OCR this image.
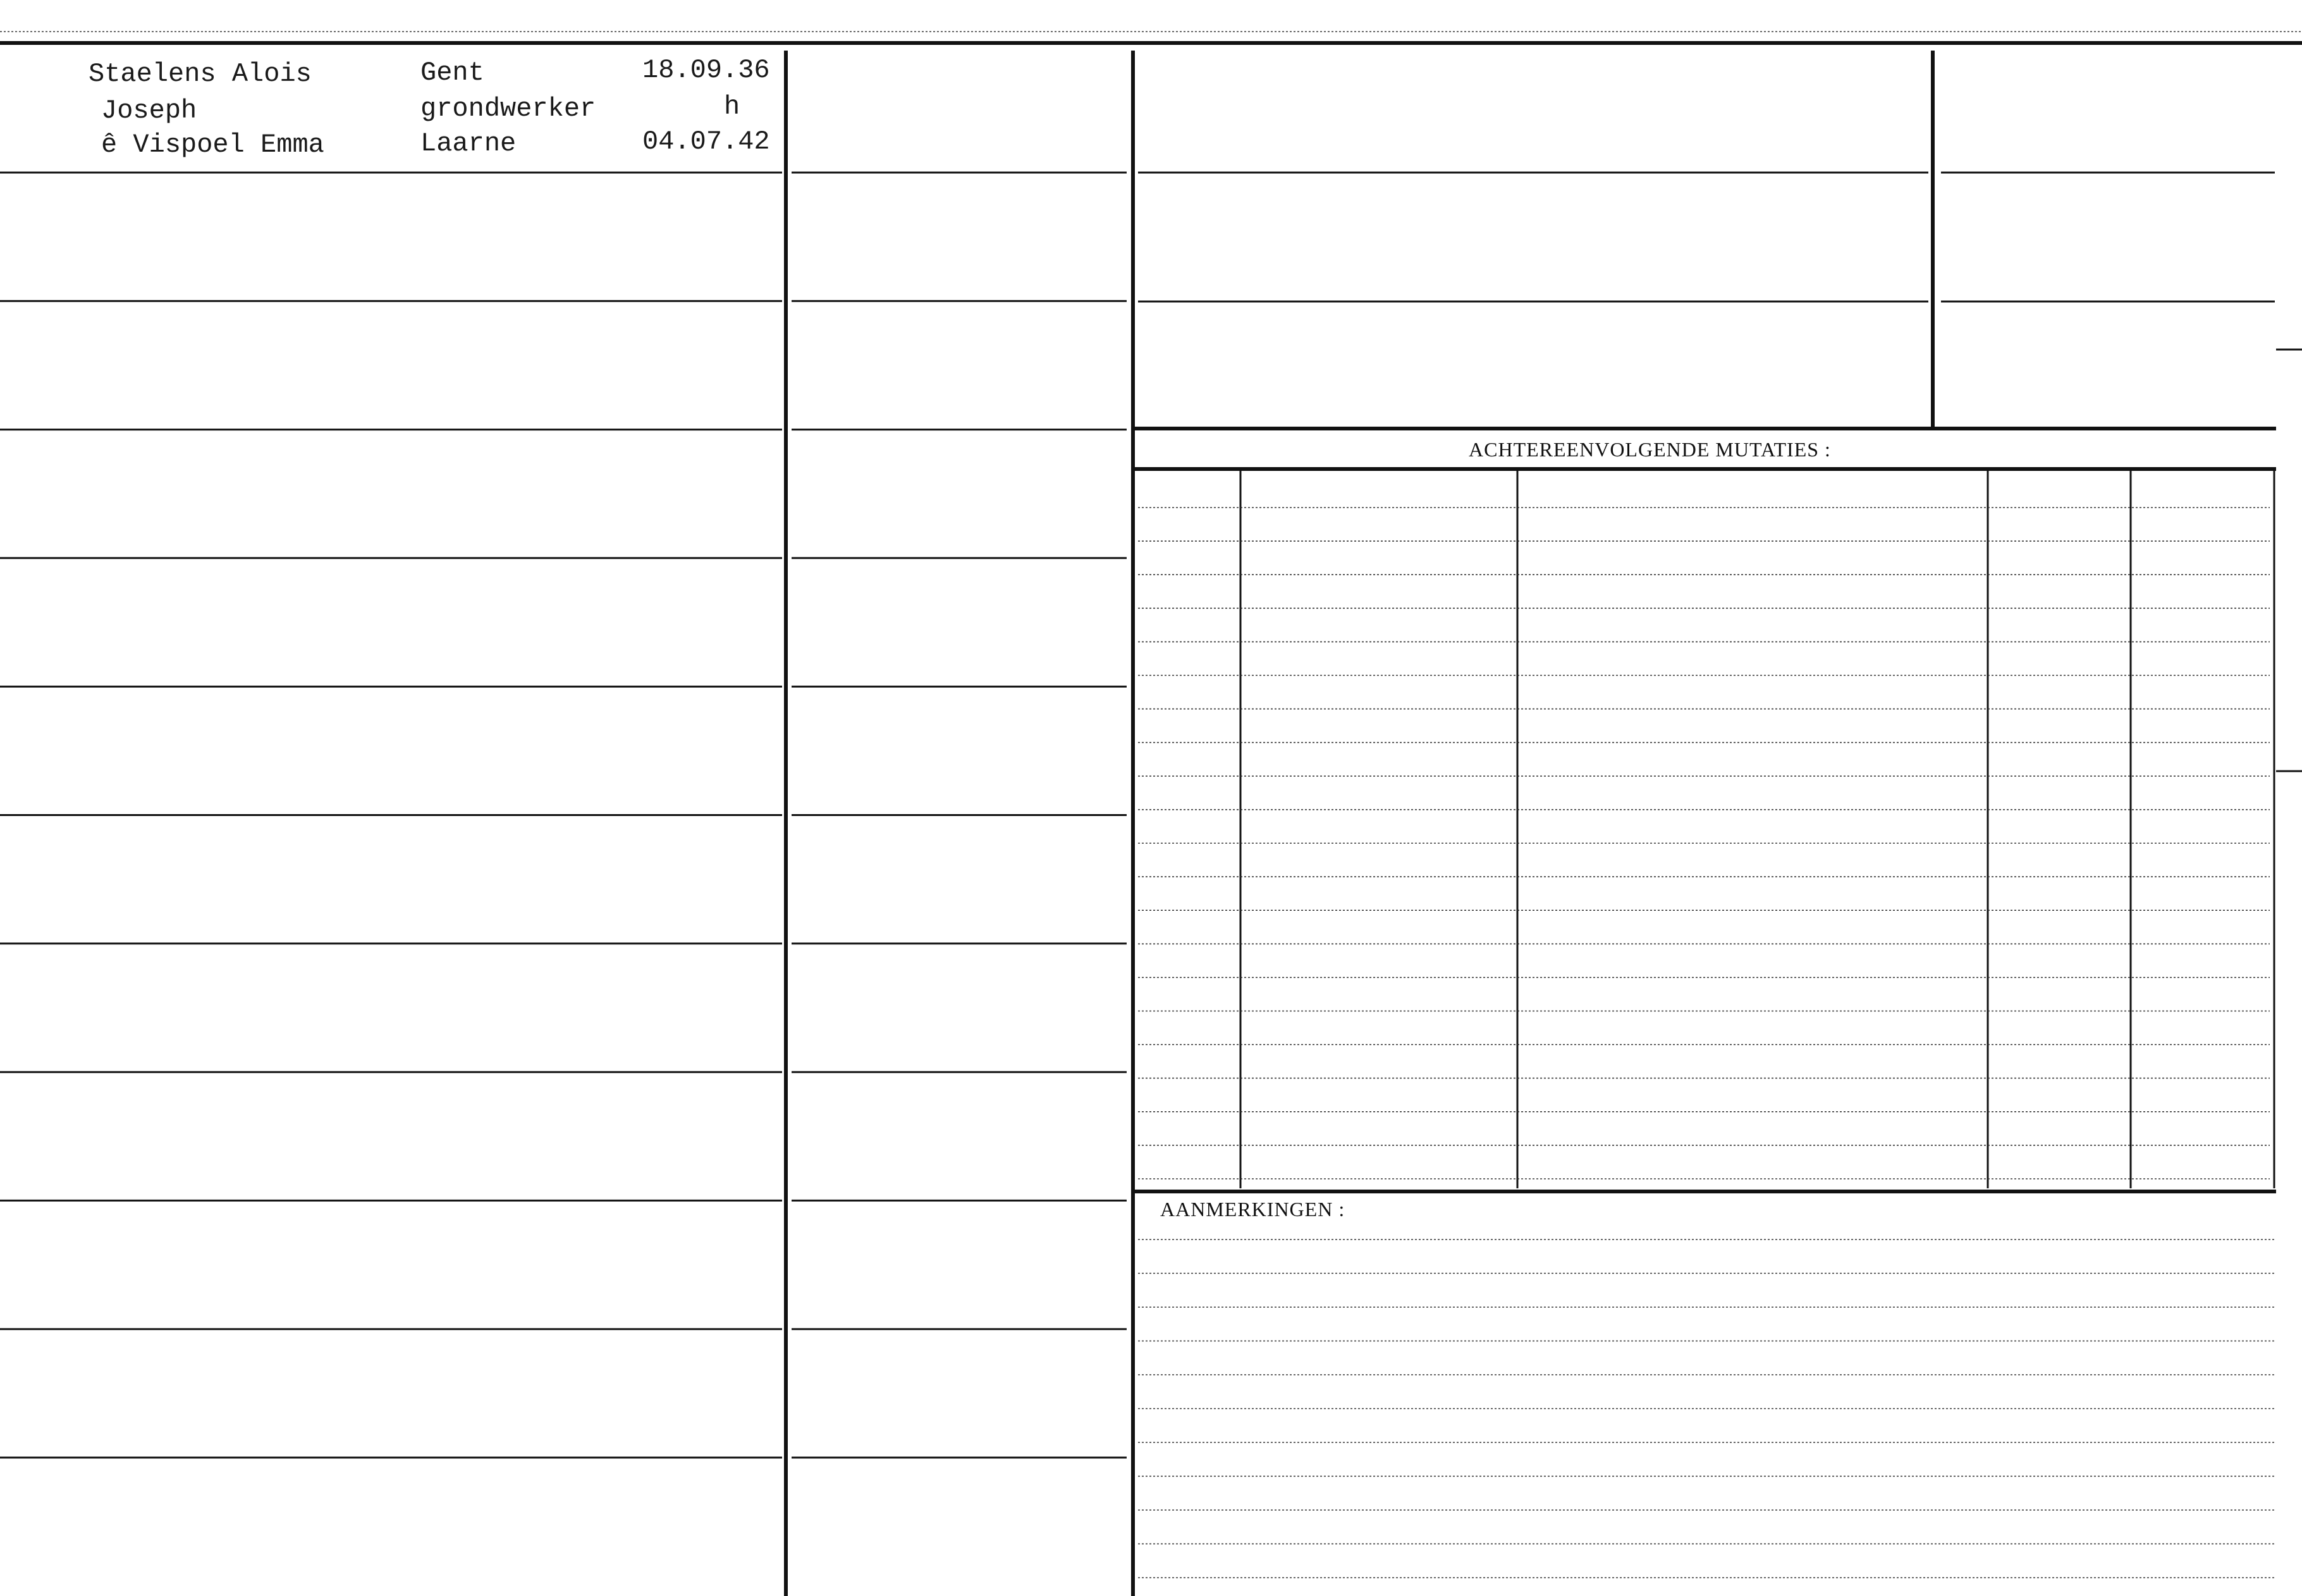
Staelens Alois
Joseph
ê Vispoel Emma
Gent
grondwerker
Laarne
18.09.36
h
04.07.42
ACHTEREENVOLGENDE MUTATIES :
AANMERKINGEN :
